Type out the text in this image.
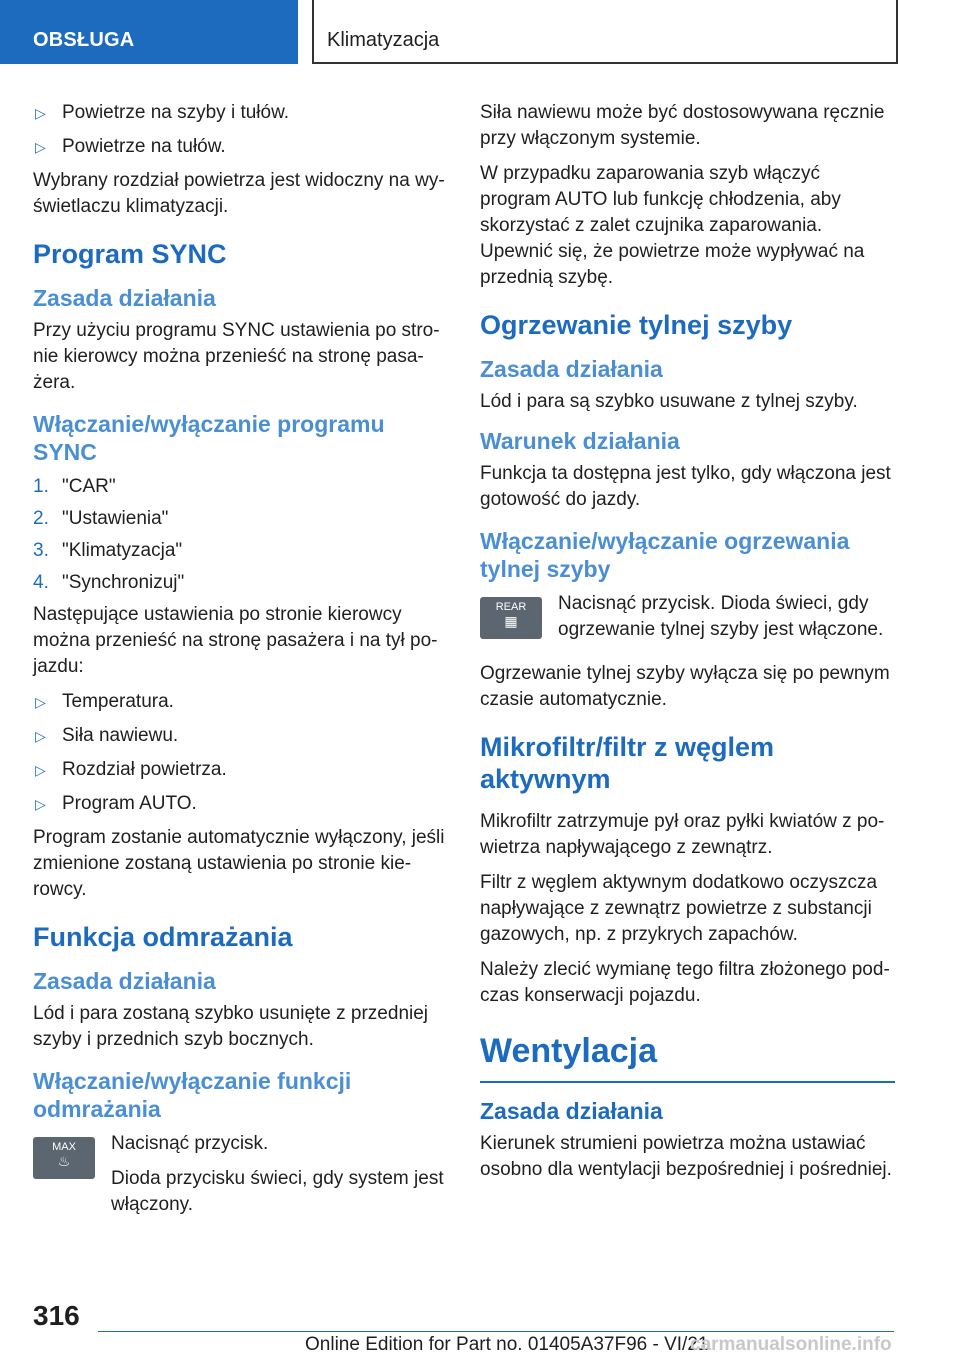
OBSŁUGA	Klimatyzacja
▷ Powietrze na szyby i tułów.
▷ Powietrze na tułów.

Wybrany rozdział powietrza jest widoczny na wyświetlaczu klimatyzacji.

Program SYNC
Zasada działania

Przy użyciu programu SYNC ustawienia po stronie kierowcy można przenieść na stronę pasażera.

Włączanie/wyłączanie programu SYNC
1. "CAR"
2. "Ustawienia"
3. "Klimatyzacja"
4. "Synchronizuj"

Następujące ustawienia po stronie kierowcy można przenieść na stronę pasażera i na tył pojazdu:

▷ Temperatura.
▷ Siła nawiewu.
▷ Rozdział powietrza.
▷ Program AUTO.

Program zostanie automatycznie wyłączony, jeśli zmienione zostaną ustawienia po stronie kierowcy.

Funkcja odmrażania
Zasada działania

Lód i para zostaną szybko usunięte z przedniej szyby i przednich szyb bocznych.

Włączanie/wyłączanie funkcji odmrażania
MAX
♨

Nacisnąć przycisk.

Dioda przycisku świeci, gdy system jest włączony.

Siła nawiewu może być dostosowywana ręcznie przy włączonym systemie.

W przypadku zaparowania szyb włączyć program AUTO lub funkcję chłodzenia, aby skorzystać z zalet czujnika zaparowania. Upewnić się, że powietrze może wypływać na przednią szybę.

Ogrzewanie tylnej szyby
Zasada działania

Lód i para są szybko usuwane z tylnej szyby.

Warunek działania

Funkcja ta dostępna jest tylko, gdy włączona jest gotowość do jazdy.

Włączanie/wyłączanie ogrzewania tylnej szyby
REAR
▦

Nacisnąć przycisk. Dioda świeci, gdy ogrzewanie tylnej szyby jest włączone.

Ogrzewanie tylnej szyby wyłącza się po pewnym czasie automatycznie.

Mikrofiltr/filtr z węglem aktywnym

Mikrofiltr zatrzymuje pył oraz pyłki kwiatów z powietrza napływającego z zewnątrz.

Filtr z węglem aktywnym dodatkowo oczyszcza napływające z zewnątrz powietrze z substancji gazowych, np. z przykrych zapachów.

Należy zlecić wymianę tego filtra złożonego podczas konserwacji pojazdu.

Wentylacja
Zasada działania

Kierunek strumieni powietrza można ustawiać osobno dla wentylacji bezpośredniej i pośredniej.

316
Online Edition for Part no. 01405A37F96 - VI/21
carmanualsonline.info
